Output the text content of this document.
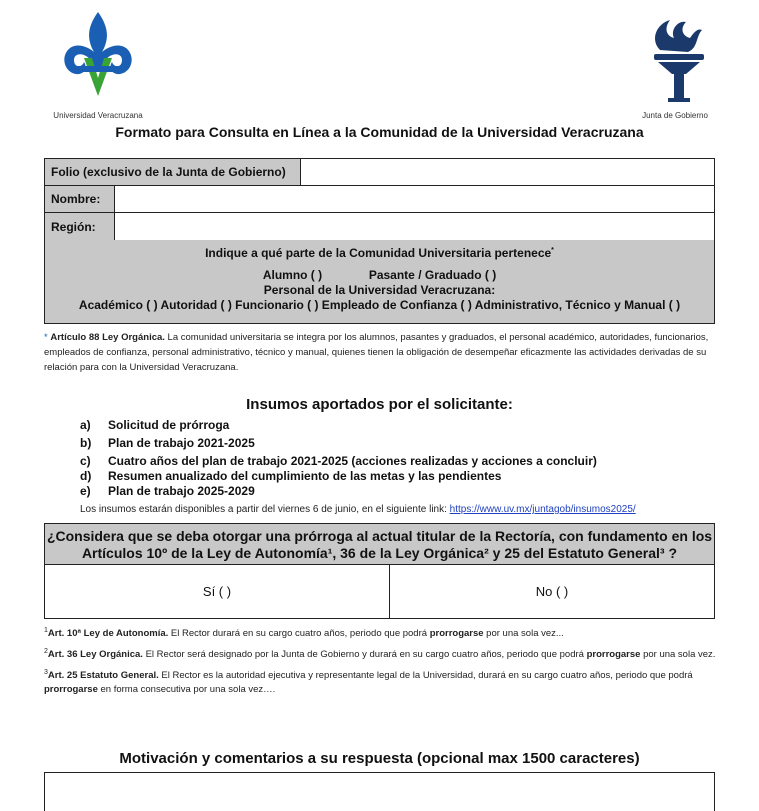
Universidad Veracruzana	Junta de Gobierno
Formato para Consulta en Línea a la Comunidad de la Universidad Veracruzana
Folio (exclusivo de la Junta de Gobierno)	
Nombre:	
Región:	
Indique a qué parte de la Comunidad Universitaria pertenece*
Alumno ( )	Pasante / Graduado ( )
Personal de la Universidad Veracruzana:
Académico ( ) Autoridad ( ) Funcionario ( ) Empleado de Confianza ( ) Administrativo, Técnico y Manual ( )
* Artículo 88 Ley Orgánica. La comunidad universitaria se integra por los alumnos, pasantes y graduados, el personal académico, autoridades, funcionarios, empleados de confianza, personal administrativo, técnico y manual, quienes tienen la obligación de desempeñar eficazmente las actividades derivadas de su relación para con la Universidad Veracruzana.
Insumos aportados por el solicitante:
a)	Solicitud de prórroga
b)	Plan de trabajo 2021-2025
c)	Cuatro años del plan de trabajo 2021-2025 (acciones realizadas y acciones a concluir)
d)	Resumen anualizado del cumplimiento de las metas y las pendientes
e)	Plan de trabajo 2025-2029
Los insumos estarán disponibles a partir del viernes 6 de junio, en el siguiente link: https://www.uv.mx/juntagob/insumos2025/
¿Considera que se deba otorgar una prórroga al actual titular de la Rectoría, con fundamento en los
Artículos 10º de la Ley de Autonomía¹, 36 de la Ley Orgánica² y 25 del Estatuto General³ ?
Sí ( )	No ( )

$^1$Art. 10ª Ley de Autonomía. El Rector durará en su cargo cuatro años, periodo que podrá prorrogarse por una sola vez...

$^2$Art. 36 Ley Orgánica. El Rector será designado por la Junta de Gobierno y durará en su cargo cuatro años, periodo que podrá prorrogarse por una sola vez.

$^3$Art. 25 Estatuto General. El Rector es la autoridad ejecutiva y representante legal de la Universidad, durará en su cargo cuatro años, periodo que podrá prorrogarse en forma consecutiva por una sola vez….

Motivación y comentarios a su respuesta (opcional max 1500 caracteres)
